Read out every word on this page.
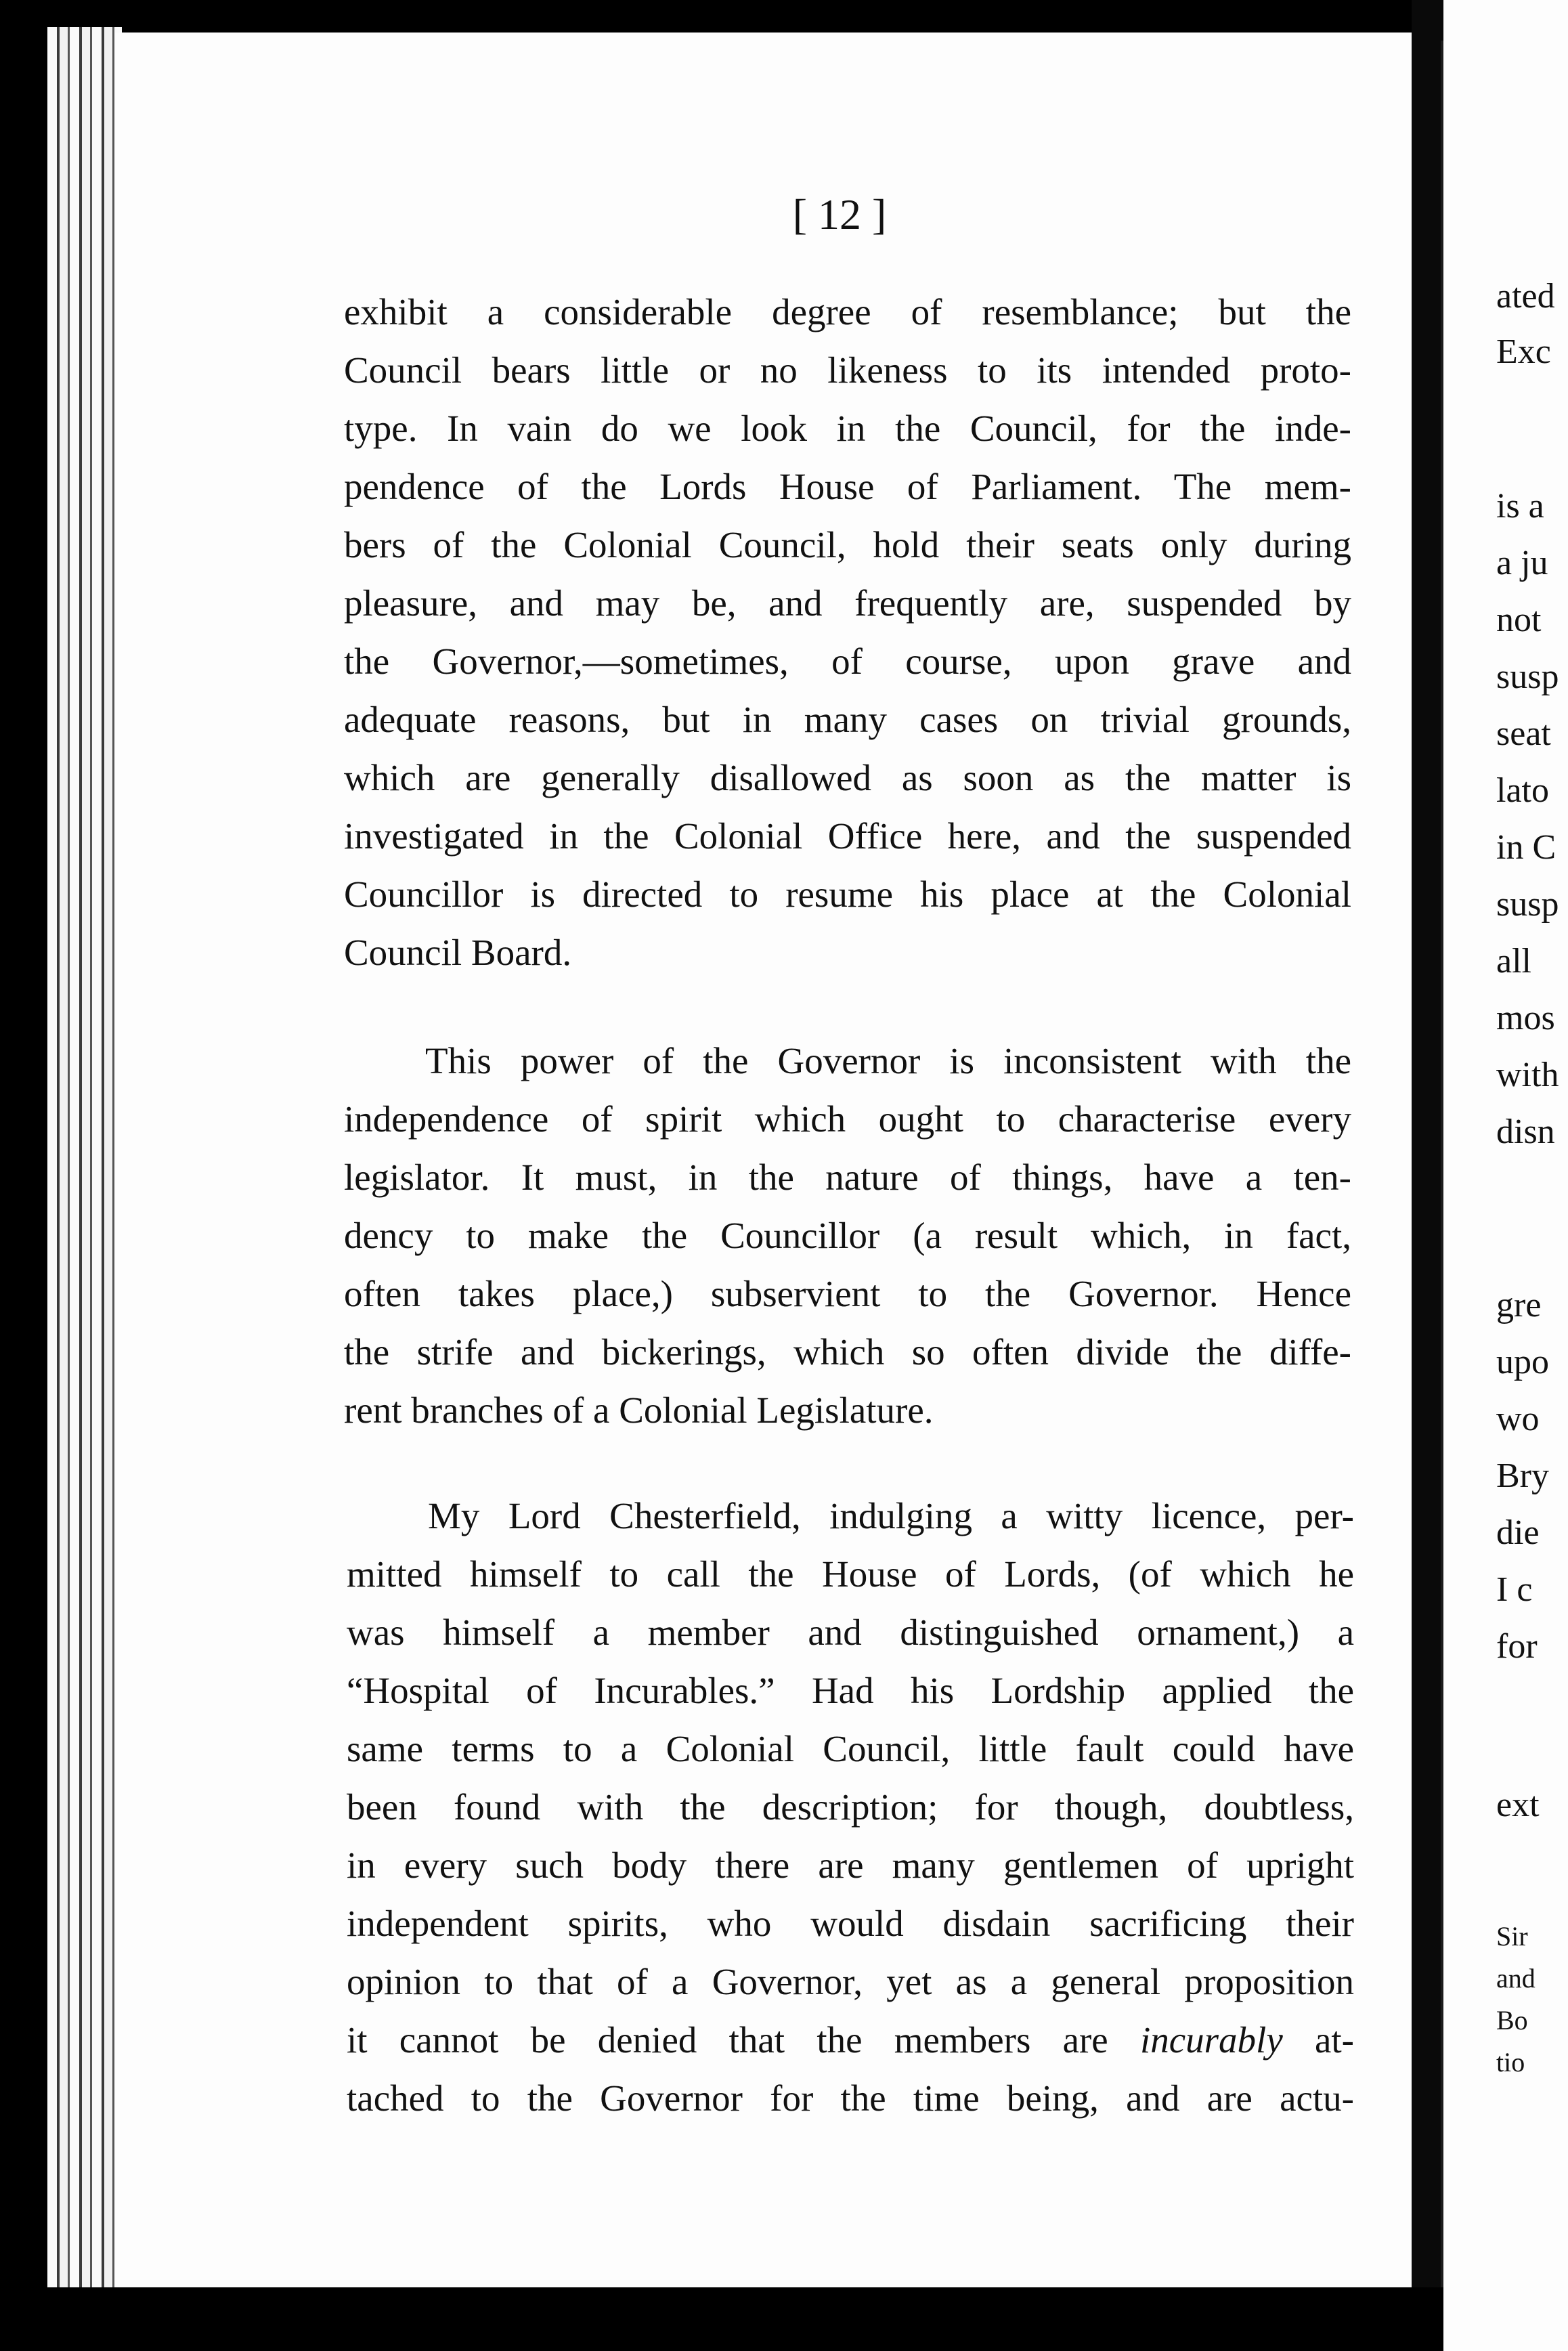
[ 12 ]
exhibit a considerable degree of resemblance; but the
Council bears little or no likeness to its intended proto-
type. In vain do we look in the Council, for the inde-
pendence of the Lords House of Parliament. The mem-
bers of the Colonial Council, hold their seats only during
pleasure, and may be, and frequently are, suspended by
the Governor,—sometimes, of course, upon grave and
adequate reasons, but in many cases on trivial grounds,
which are generally disallowed as soon as the matter is
investigated in the Colonial Office here, and the suspended
Councillor is directed to resume his place at the Colonial
Council Board.
This power of the Governor is inconsistent with the
independence of spirit which ought to characterise every
legislator. It must, in the nature of things, have a ten-
dency to make the Councillor (a result which, in fact,
often takes place,) subservient to the Governor. Hence
the strife and bickerings, which so often divide the diffe-
rent branches of a Colonial Legislature.
My Lord Chesterfield, indulging a witty licence, per-
mitted himself to call the House of Lords, (of which he
was himself a member and distinguished ornament,) a
“Hospital of Incurables.” Had his Lordship applied the
same terms to a Colonial Council, little fault could have
been found with the description; for though, doubtless,
in every such body there are many gentlemen of upright
independent spirits, who would disdain sacrificing their
opinion to that of a Governor, yet as a general proposition
it cannot be denied that the members are incurably at-
tached to the Governor for the time being, and are actu-
ated
Exc
is a
a ju
not
susp
seat
lato
in C
susp
all
mos
with
disn
gre
upo
wo
Bry
die
I c
for
ext
Sir
and
Bo
tio
